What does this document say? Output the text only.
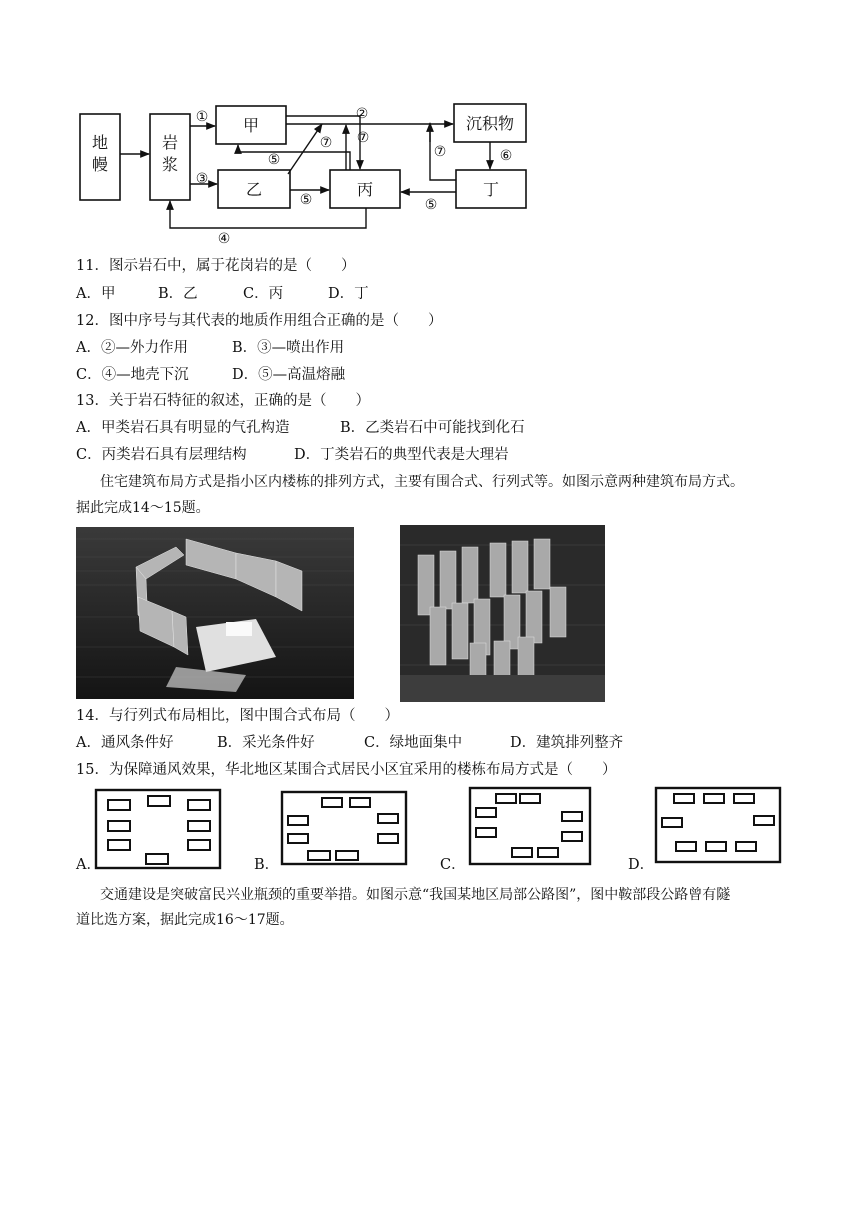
地
幔
岩
浆
甲
乙	丙
沉积物
丁
①	②
③
④
⑤
⑤	⑤
⑥
⑦ ⑦
⑦
11．图示岩石中，属于花岗岩的是（　　）
A．甲	B．乙	C．丙	D．丁
12．图中序号与其代表的地质作用组合正确的是（　　）
A．②—外力作用	B．③—喷出作用
C．④—地壳下沉	D．⑤—高温熔融
13．关于岩石特征的叙述，正确的是（　　）
A．甲类岩石具有明显的气孔构造	B．乙类岩石中可能找到化石
C．丙类岩石具有层理结构	D．丁类岩石的典型代表是大理岩
住宅建筑布局方式是指小区内楼栋的排列方式，主要有围合式、行列式等。如图示意两种建筑布局方式。
据此完成14～15题。
14．与行列式布局相比，图中围合式布局（　　）
A．通风条件好	B．采光条件好	C．绿地面集中	D．建筑排列整齐
15．为保障通风效果，华北地区某围合式居民小区宜采用的楼栋布局方式是（　　）
A．	B．	C．	D．
交通建设是突破富民兴业瓶颈的重要举措。如图示意“我国某地区局部公路图”，图中鞍部段公路曾有隧
道比选方案，据此完成16～17题。
